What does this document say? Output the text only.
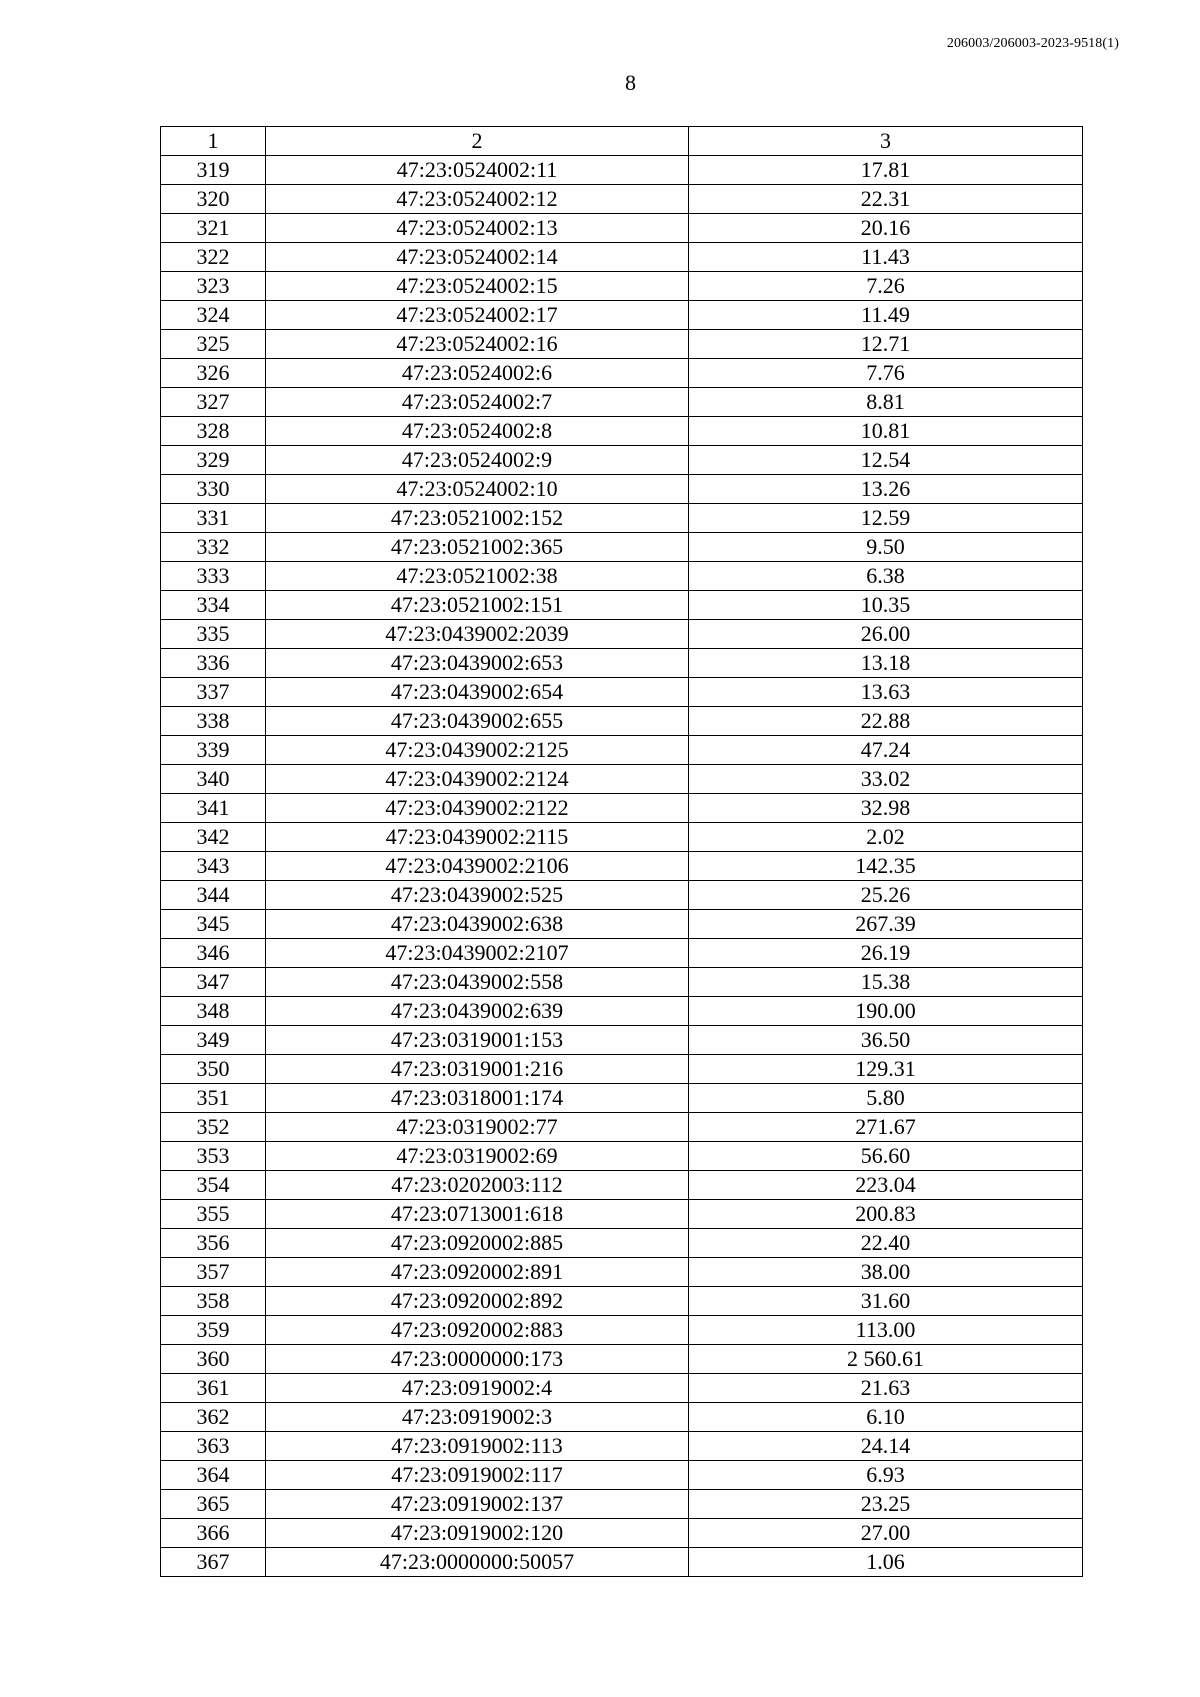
206003/206003-2023-9518(1)
8
1	2	3
319	47:23:0524002:11	17.81
320	47:23:0524002:12	22.31
321	47:23:0524002:13	20.16
322	47:23:0524002:14	11.43
323	47:23:0524002:15	7.26
324	47:23:0524002:17	11.49
325	47:23:0524002:16	12.71
326	47:23:0524002:6	7.76
327	47:23:0524002:7	8.81
328	47:23:0524002:8	10.81
329	47:23:0524002:9	12.54
330	47:23:0524002:10	13.26
331	47:23:0521002:152	12.59
332	47:23:0521002:365	9.50
333	47:23:0521002:38	6.38
334	47:23:0521002:151	10.35
335	47:23:0439002:2039	26.00
336	47:23:0439002:653	13.18
337	47:23:0439002:654	13.63
338	47:23:0439002:655	22.88
339	47:23:0439002:2125	47.24
340	47:23:0439002:2124	33.02
341	47:23:0439002:2122	32.98
342	47:23:0439002:2115	2.02
343	47:23:0439002:2106	142.35
344	47:23:0439002:525	25.26
345	47:23:0439002:638	267.39
346	47:23:0439002:2107	26.19
347	47:23:0439002:558	15.38
348	47:23:0439002:639	190.00
349	47:23:0319001:153	36.50
350	47:23:0319001:216	129.31
351	47:23:0318001:174	5.80
352	47:23:0319002:77	271.67
353	47:23:0319002:69	56.60
354	47:23:0202003:112	223.04
355	47:23:0713001:618	200.83
356	47:23:0920002:885	22.40
357	47:23:0920002:891	38.00
358	47:23:0920002:892	31.60
359	47:23:0920002:883	113.00
360	47:23:0000000:173	2 560.61
361	47:23:0919002:4	21.63
362	47:23:0919002:3	6.10
363	47:23:0919002:113	24.14
364	47:23:0919002:117	6.93
365	47:23:0919002:137	23.25
366	47:23:0919002:120	27.00
367	47:23:0000000:50057	1.06
